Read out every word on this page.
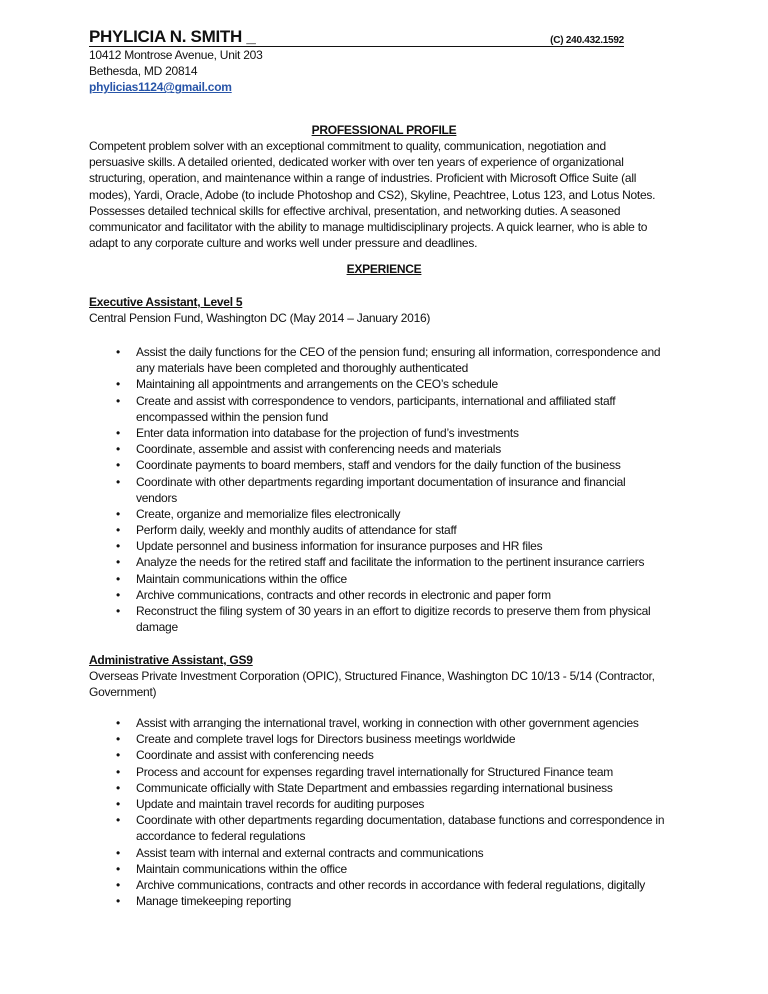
PHYLICIA N. SMITH _	(C) 240.432.1592
10412 Montrose Avenue, Unit 203
Bethesda, MD 20814
phylicias1124@gmail.com
PROFESSIONAL PROFILE
Competent problem solver with an exceptional commitment to quality, communication, negotiation and
persuasive skills. A detailed oriented, dedicated worker with over ten years of experience of organizational
structuring, operation, and maintenance within a range of industries. Proficient with Microsoft Office Suite (all
modes), Yardi, Oracle, Adobe (to include Photoshop and CS2), Skyline, Peachtree, Lotus 123, and Lotus Notes.
Possesses detailed technical skills for effective archival, presentation, and networking duties. A seasoned
communicator and facilitator with the ability to manage multidisciplinary projects. A quick learner, who is able to
adapt to any corporate culture and works well under pressure and deadlines.
EXPERIENCE
Executive Assistant, Level 5
Central Pension Fund, Washington DC (May 2014 – January 2016)
• Assist the daily functions for the CEO of the pension fund; ensuring all information, correspondence and
any materials have been completed and thoroughly authenticated
• Maintaining all appointments and arrangements on the CEO’s schedule
• Create and assist with correspondence to vendors, participants, international and affiliated staff
encompassed within the pension fund
• Enter data information into database for the projection of fund’s investments
• Coordinate, assemble and assist with conferencing needs and materials
• Coordinate payments to board members, staff and vendors for the daily function of the business
• Coordinate with other departments regarding important documentation of insurance and financial
vendors
• Create, organize and memorialize files electronically
• Perform daily, weekly and monthly audits of attendance for staff
• Update personnel and business information for insurance purposes and HR files
• Analyze the needs for the retired staff and facilitate the information to the pertinent insurance carriers
• Maintain communications within the office
• Archive communications, contracts and other records in electronic and paper form
• Reconstruct the filing system of 30 years in an effort to digitize records to preserve them from physical
damage
Administrative Assistant, GS9
Overseas Private Investment Corporation (OPIC), Structured Finance, Washington DC 10/13 - 5/14 (Contractor,
Government)
• Assist with arranging the international travel, working in connection with other government agencies
• Create and complete travel logs for Directors business meetings worldwide
• Coordinate and assist with conferencing needs
• Process and account for expenses regarding travel internationally for Structured Finance team
• Communicate officially with State Department and embassies regarding international business
• Update and maintain travel records for auditing purposes
• Coordinate with other departments regarding documentation, database functions and correspondence in
accordance to federal regulations
• Assist team with internal and external contracts and communications
• Maintain communications within the office
• Archive communications, contracts and other records in accordance with federal regulations, digitally
• Manage timekeeping reporting
